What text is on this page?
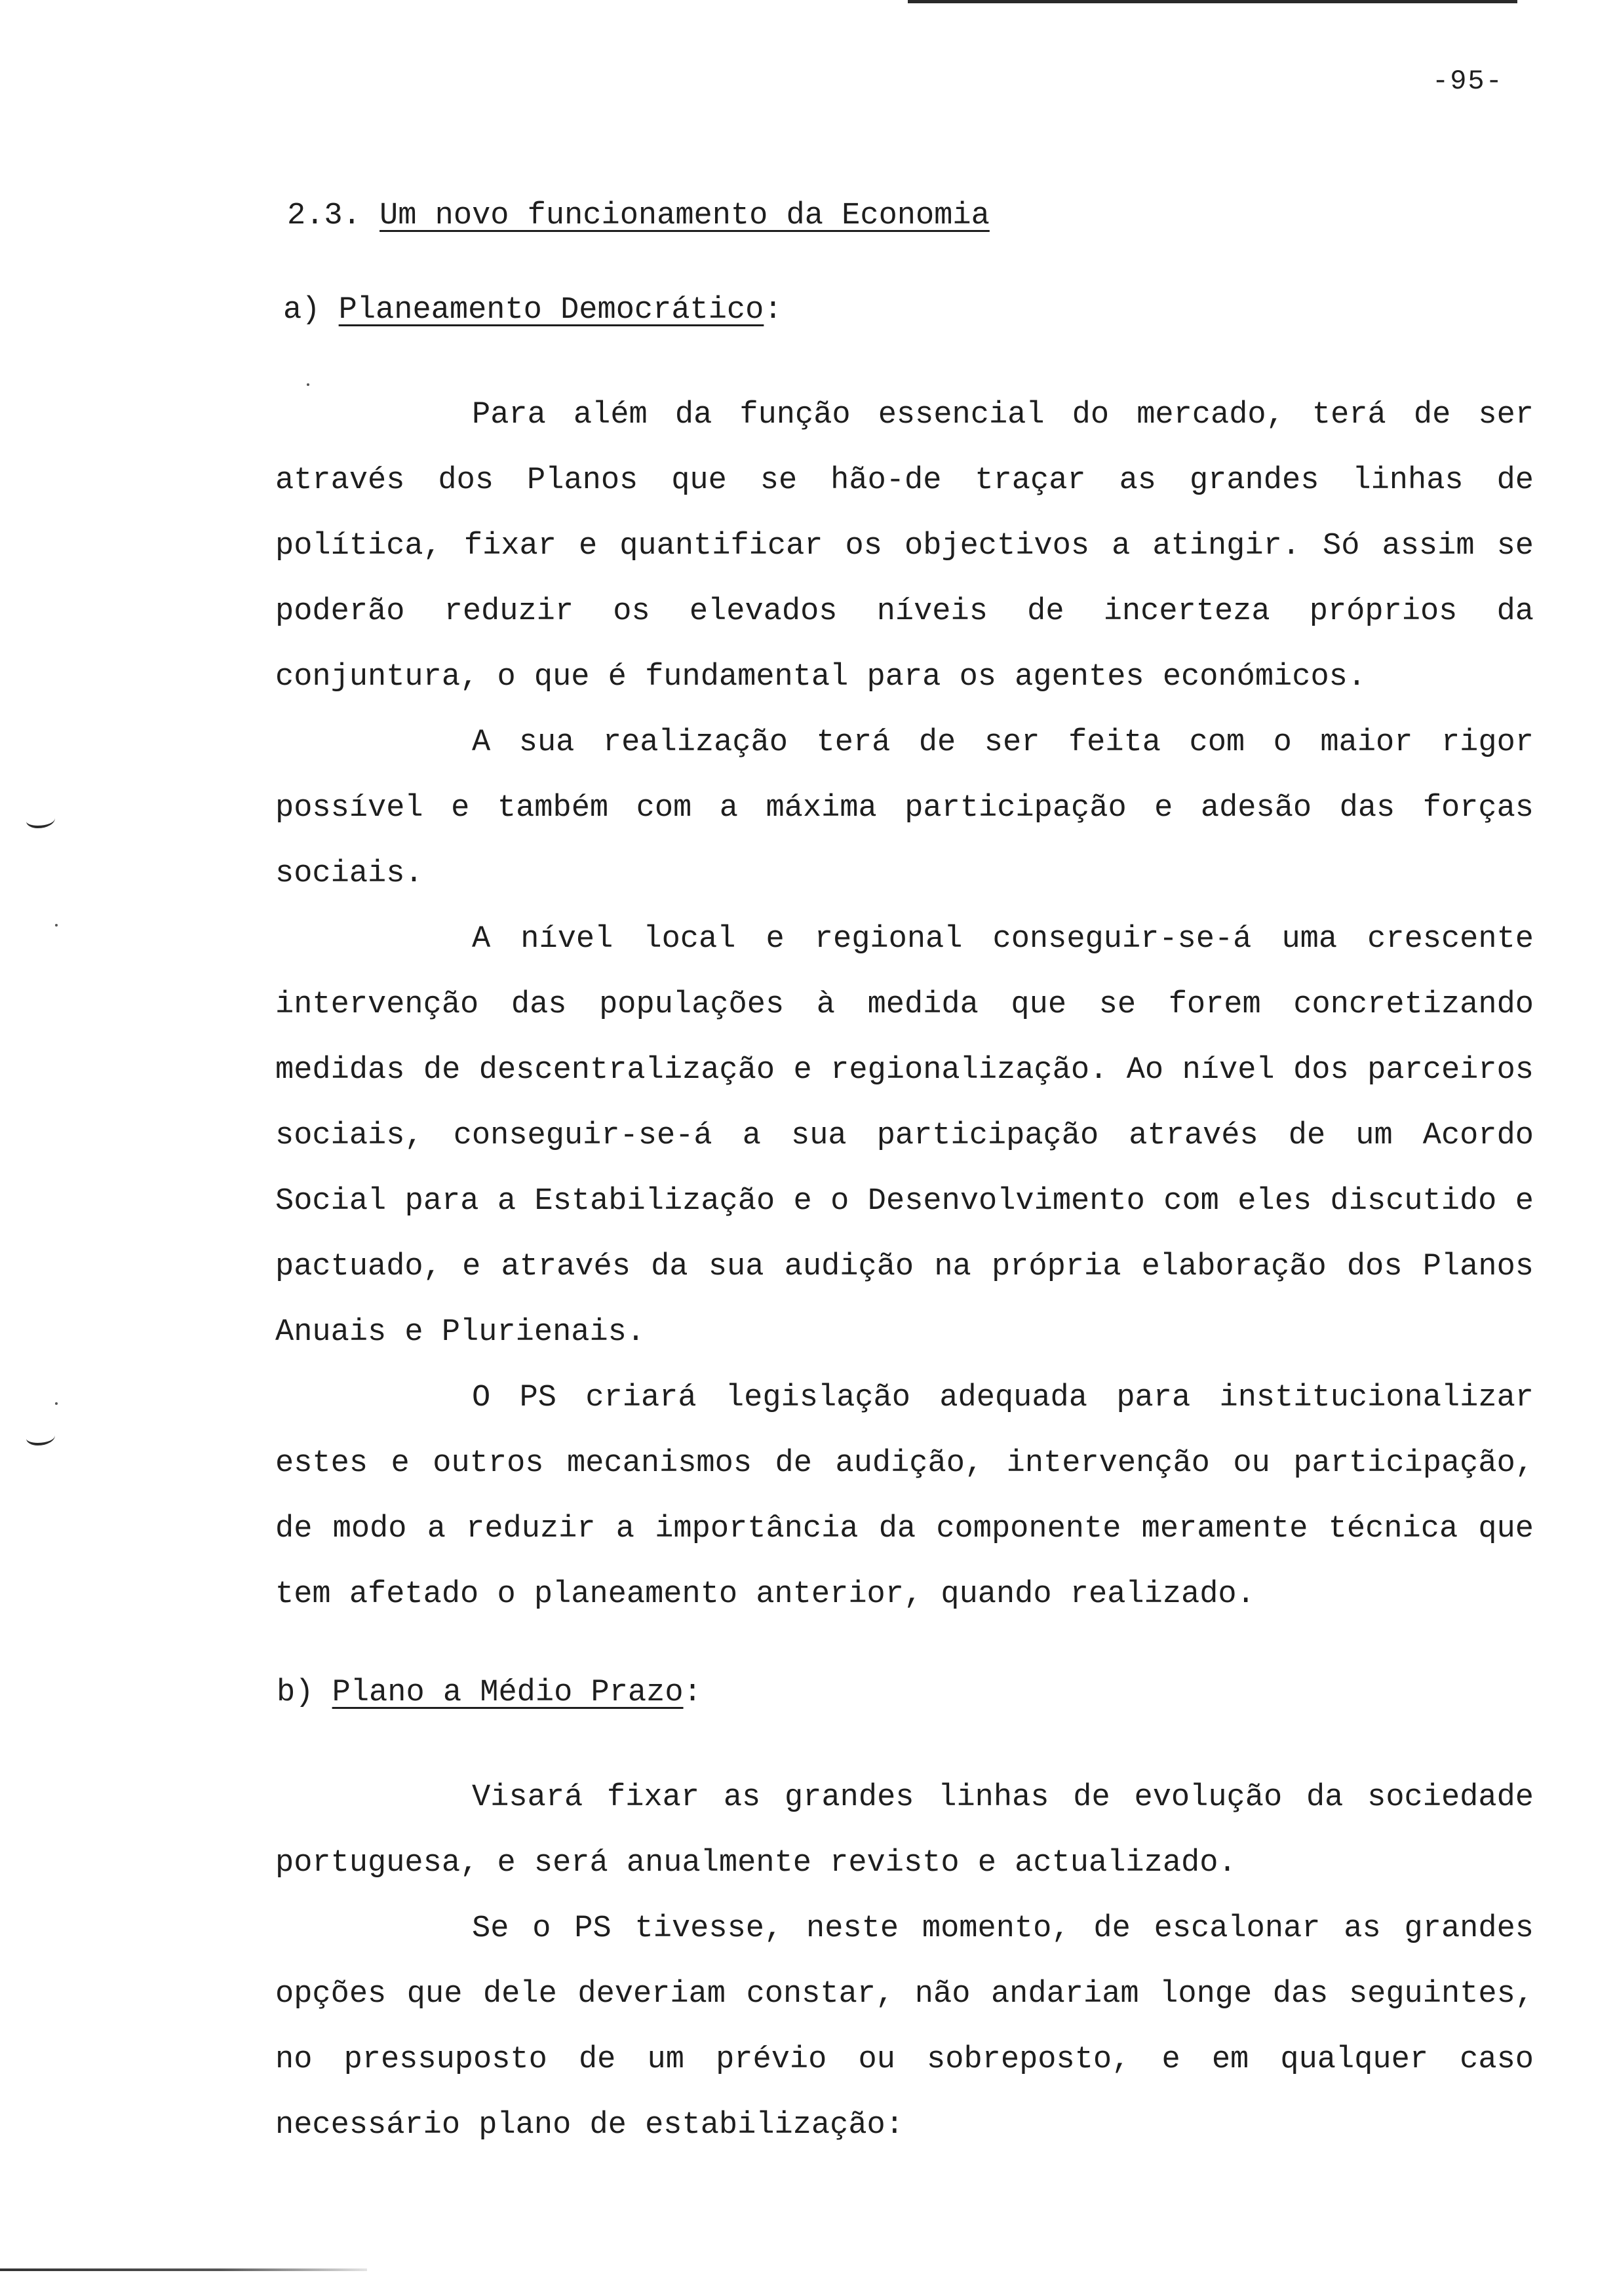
-95-
2.3. Um novo funcionamento da Economia
a) Planeamento Democrático:

Para além da função essencial do mercado, terá de ser através dos Planos que se hão-de traçar as grandes linhas de política, fixar e quantificar os objectivos a atingir. Só assim se poderão reduzir os elevados níveis de incerteza próprios da conjuntura, o que é fundamental para os agentes económicos.

A sua realização terá de ser feita com o maior rigor possível e também com a máxima participação e adesão das forças sociais.

A nível local e regional conseguir-se-á uma crescente intervenção das populações à medida que se forem concretizando medidas de descentralização e regionalização. Ao nível dos parceiros sociais, conseguir-se-á a sua participação através de um Acordo Social para a Estabilização e o Desenvolvimento com eles discutido e pactuado, e através da sua audição na própria elaboração dos Planos Anuais e Plurienais.

O PS criará legislação adequada para institucionalizar estes e outros mecanismos de audição, intervenção ou participação, de modo a reduzir a importância da componente meramente técnica que tem afetado o planeamento anterior, quando realizado.

b) Plano a Médio Prazo:

Visará fixar as grandes linhas de evolução da sociedade portuguesa, e será anualmente revisto e actualizado.

Se o PS tivesse, neste momento, de escalonar as grandes opções que dele deveriam constar, não andariam longe das seguintes, no pressuposto de um prévio ou sobreposto, e em qualquer caso necessário plano de estabilização:
